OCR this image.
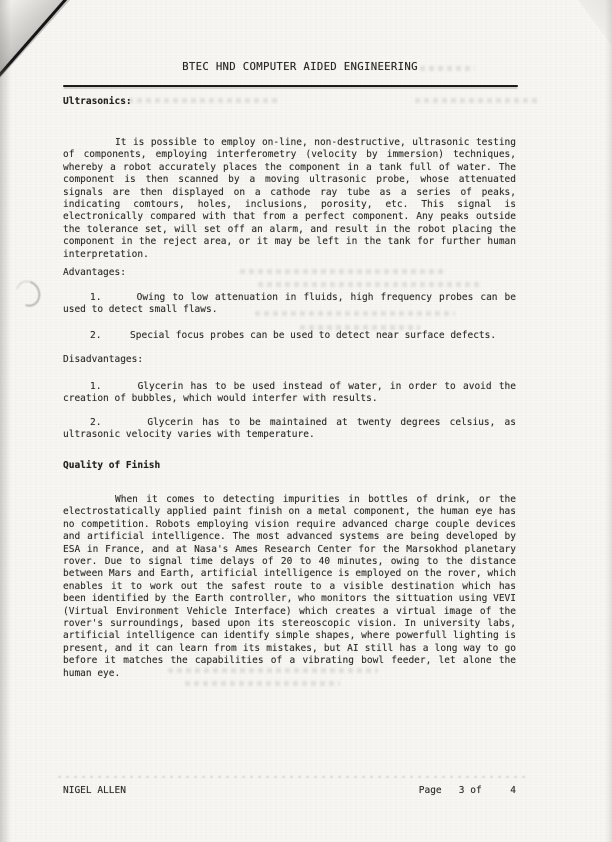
BTEC HND COMPUTER AIDED ENGINEERING
Ultrasonics:
It is possible to employ on-line, non-destructive, ultrasonic testing
of components, employing interferometry (velocity by immersion) techniques,
whereby a robot accurately places the component in a tank full of water. The
component is then scanned by a moving ultrasonic probe, whose attenuated
signals are then displayed on a cathode ray tube as a series of peaks,
indicating comtours, holes, inclusions, porosity, etc. This signal is
electronically compared with that from a perfect component. Any peaks outside
the tolerance set, will set off an alarm, and result in the robot placing the
component in the reject area, or it may be left in the tank for further human
interpretation.
Advantages:
1.     Owing to low attenuation in fluids, high frequency probes can be
used to detect small flaws.
2.     Special focus probes can be used to detect near surface defects.
Disadvantages:
1.     Glycerin has to be used instead of water, in order to avoid the
creation of bubbles, which would interfer with results.
2.     Glycerin has to be maintained at twenty degrees celsius, as
ultrasonic velocity varies with temperature.
Quality of Finish
When it comes to detecting impurities in bottles of drink, or the
electrostatically applied paint finish on a metal component, the human eye has
no competition. Robots employing vision require advanced charge couple devices
and artificial intelligence. The most advanced systems are being developed by
ESA in France, and at Nasa's Ames Research Center for the Marsokhod planetary
rover. Due to signal time delays of 20 to 40 minutes, owing to the distance
between Mars and Earth, artificial intelligence is employed on the rover, which
enables it to work out the safest route to a visible destination which has
been identified by the Earth controller, who monitors the sittuation using VEVI
(Virtual Environment Vehicle Interface) which creates a virtual image of the
rover's surroundings, based upon its stereoscopic vision. In university labs,
artificial intelligence can identify simple shapes, where powerfull lighting is
present, and it can learn from its mistakes, but AI still has a long way to go
before it matches the capabilities of a vibrating bowl feeder, let alone the
human eye.
NIGEL ALLEN	Page   3 of     4
